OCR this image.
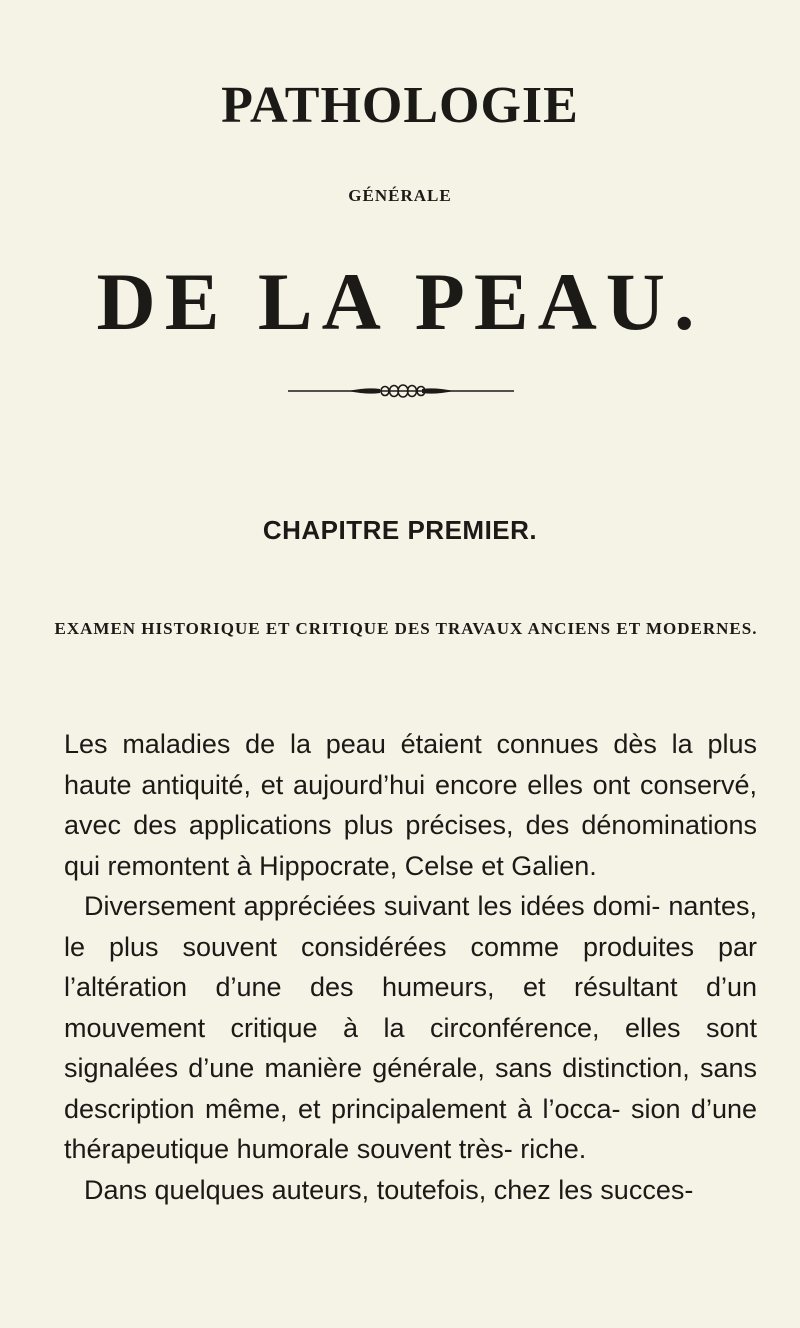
PATHOLOGIE
GÉNÉRALE
DE LA PEAU.
CHAPITRE PREMIER.
EXAMEN HISTORIQUE ET CRITIQUE DES TRAVAUX ANCIENS ET MODERNES.

Les maladies de la peau étaient connues dès la plus haute antiquité, et aujourd’hui encore elles ont conservé, avec des applications plus précises, des dénominations qui remontent à Hippocrate, Celse et Galien.

Diversement appréciées suivant les idées domi- nantes, le plus souvent considérées comme produites par l’altération d’une des humeurs, et résultant d’un mouvement critique à la circonférence, elles sont signalées d’une manière générale, sans distinction, sans description même, et principalement à l’occa- sion d’une thérapeutique humorale souvent très- riche.

Dans quelques auteurs, toutefois, chez les succes-
